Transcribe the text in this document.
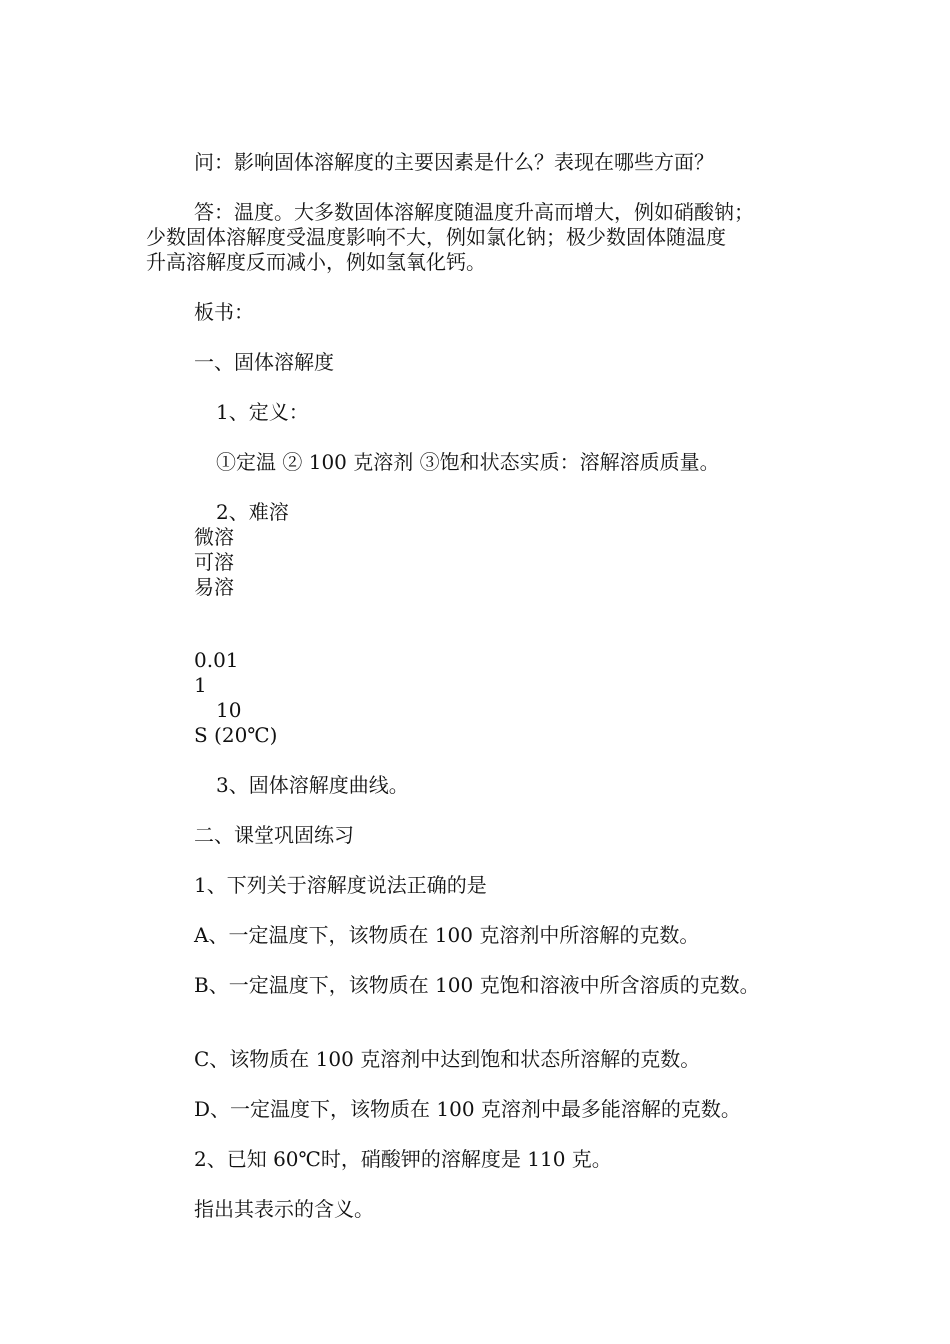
问：影响固体溶解度的主要因素是什么？表现在哪些方面？
答：温度。大多数固体溶解度随温度升高而增大，例如硝酸钠；
少数固体溶解度受温度影响不大，例如氯化钠；极少数固体随温度
升高溶解度反而减小，例如氢氧化钙。
板书：
一、固体溶解度
1、定义：
①定温 ② 100 克溶剂 ③饱和状态实质：溶解溶质质量。
2、难溶
微溶
可溶
易溶
0.01
1
10
S (20℃)
3、固体溶解度曲线。
二、课堂巩固练习
1、下列关于溶解度说法正确的是
A、一定温度下，该物质在 100 克溶剂中所溶解的克数。
B、一定温度下，该物质在 100 克饱和溶液中所含溶质的克数。
C、该物质在 100 克溶剂中达到饱和状态所溶解的克数。
D、一定温度下，该物质在 100 克溶剂中最多能溶解的克数。
2、已知 60℃时，硝酸钾的溶解度是 110 克。
指出其表示的含义。
